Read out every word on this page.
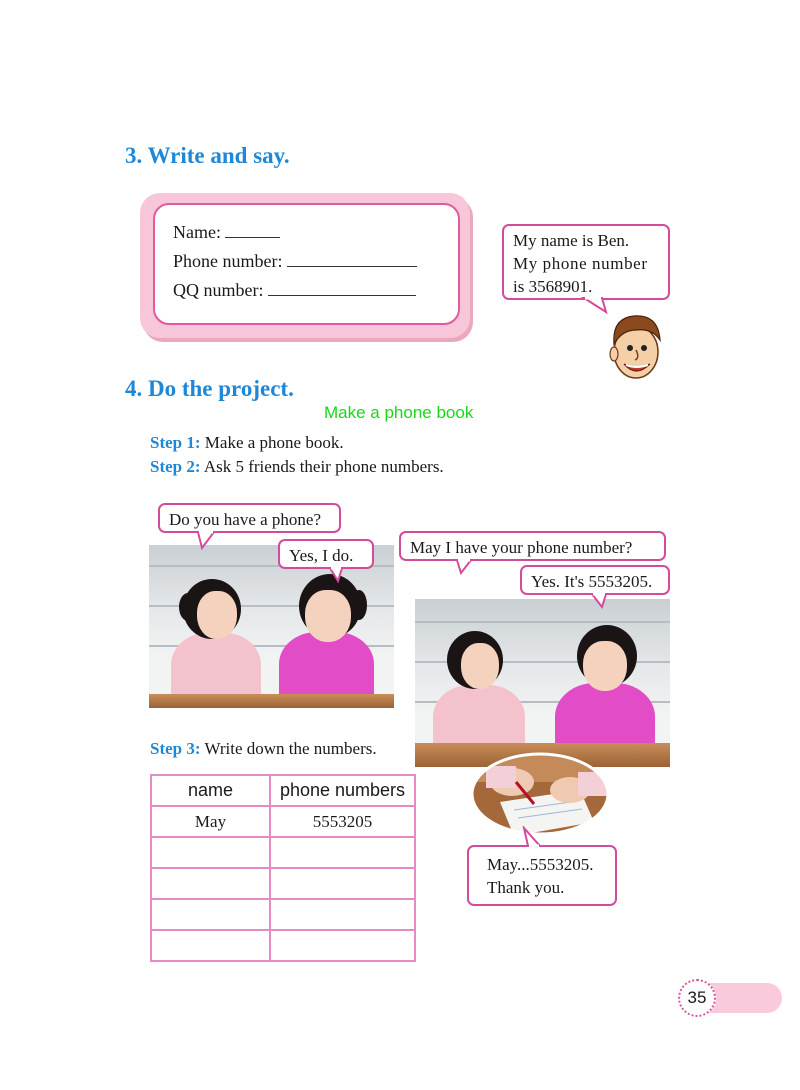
3. Write and say.
Name:
Phone number:
QQ number:
My name is Ben.
My phone number
is 3568901.
4. Do the project.
Make a phone book
Step 1: Make a phone book.
Step 2: Ask 5 friends their phone numbers.
Do you have a phone?
Yes, I do.	May I have your phone number?
Yes. It's 5553205.
May...5553205.
Thank you.
Step 3: Write down the numbers.
name	phone numbers
May	5553205

35
